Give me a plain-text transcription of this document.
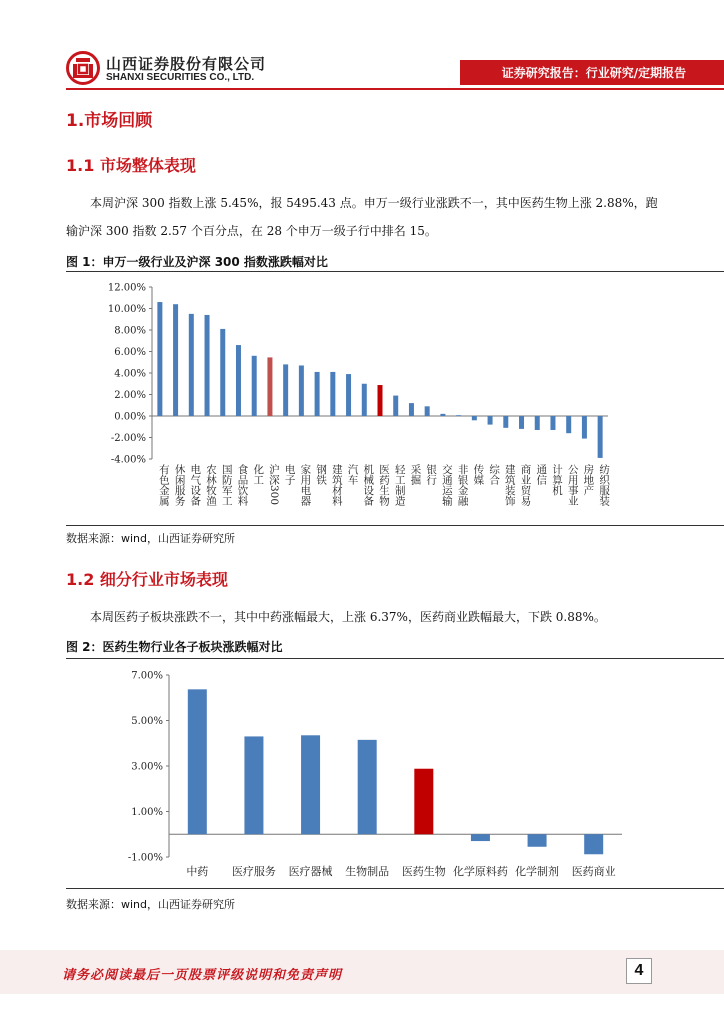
山西证券股份有限公司
SHANXI SECURITIES CO., LTD.	证券研究报告：行业研究/定期报告
1.市场回顾
1.1 市场整体表现
本周沪深 300 指数上涨 5.45%，报 5495.43 点。申万一级行业涨跌不一，其中医药生物上涨 2.88%，跑
输沪深 300 指数 2.57 个百分点，在 28 个申万一级子行中排名 15。
图 1：申万一级行业及沪深 300 指数涨跌幅对比
12.00%
10.00%
8.00%
6.00%
4.00%
2.00%
0.00%
-2.00%
-4.00%
有色金属 休闲服务 电气设备 农林牧渔 国防军工 食品饮料 化工 沪深300 电子 家用电器 钢铁 建筑材料 汽车 机械设备 医药生物 轻工制造 采掘 银行 交通运输 非银金融 传媒 综合 建筑装饰 商业贸易 通信 计算机 公用事业 房地产 纺织服装
数据来源：wind，山西证券研究所
1.2 细分行业市场表现
本周医药子板块涨跌不一，其中中药涨幅最大，上涨 6.37%，医药商业跌幅最大，下跌 0.88%。
图 2：医药生物行业各子板块涨跌幅对比
7.00%
5.00%
3.00%
1.00%
-1.00%
中药 医疗服务 医疗器械 生物制品 医药生物 化学原料药 化学制剂 医药商业
数据来源：wind，山西证券研究所
请务必阅读最后一页股票评级说明和免责声明	4
